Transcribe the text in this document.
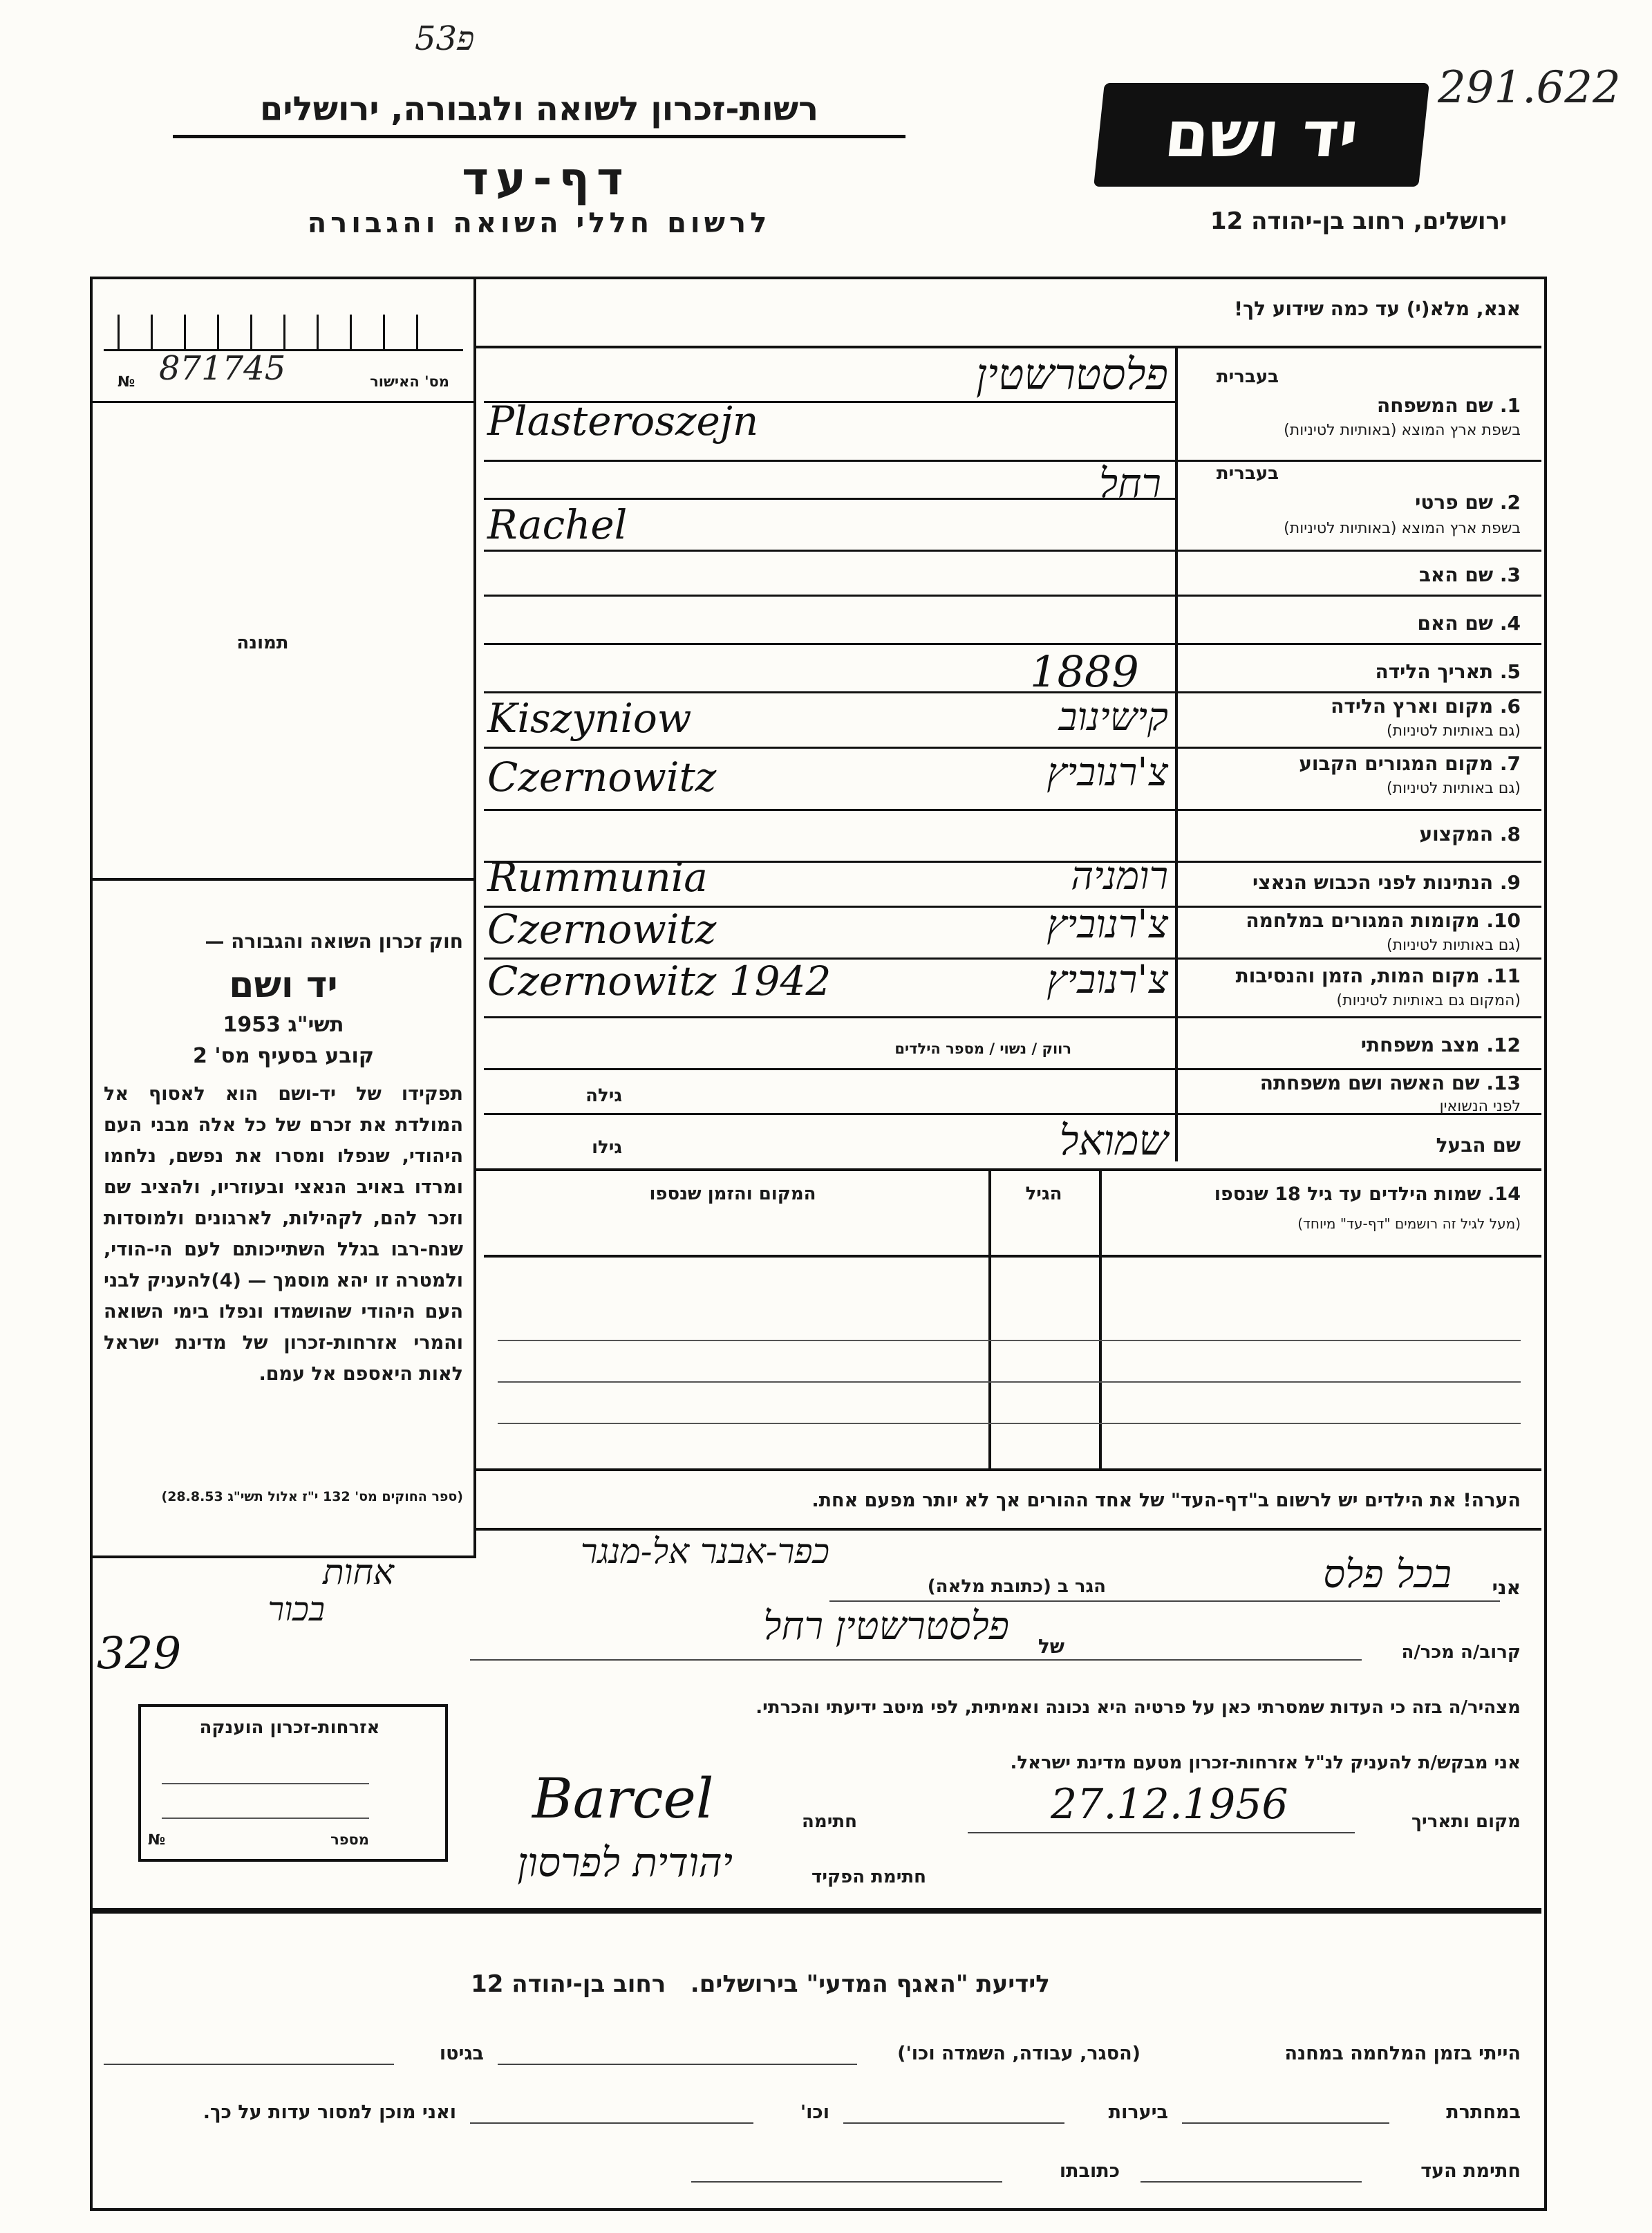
53פ
291.622
יד ושם
רשות-זכרון לשואה ולגבורה, ירושלים
דף-עד
לרשום חללי השואה והגבורה	ירושלים, רחוב בן-יהודה 12
871745	מס' האישור
№
תמונה
חוק זכרון השואה והגבורה —
יד ושם
תשי"ג 1953
קובע בסעיף מס' 2
תפקידו של יד-ושם הוא לאסוף אל המולדת את זכרם של כל אלה מבני העם היהודי, שנפלו ומסרו את נפשם, נלחמו ומרדו באויב הנאצי ובעוזריו, ולהציב שם וזכר להם, לקהילות, לארגונים ולמוסדות שנח-רבו בגלל השתייכותם לעם הי-הודי, ולמטרה זו יהא מוסמך — (4)להעניק לבני העם היהודי שהושמדו ונפלו בימי השואה והמרי אזרחות-זכרון של מדינת ישראל לאות היאספם אל עמם.
(ספר החוקים מס' 132 י"ז אלול תשי"ג 28.8.53)
אנא, מלא(י) עד כמה שידוע לך!
בעברית
1. שם המשפחה
בשפת ארץ המוצא (באותיות לטיניות)
פלסטרשטין
Plasteroszejn
בעברית
2. שם פרטי
בשפת ארץ המוצא (באותיות לטיניות)
רחל
Rachel
3. שם האב
4. שם האם
5. תאריך הלידה
1889
6. מקום וארץ הלידה
(גם באותיות לטיניות)
קישינוב
Kiszyniow
7. מקום המגורים הקבוע
(גם באותיות לטיניות)
צ'רנוביץ
Czernowitz
8. המקצוע
9. הנתינות לפני הכבוש הנאצי
רומניה
Rummunia
10. מקומות המגורים במלחמה
(גם באותיות לטיניות)
צ'רנוביץ
Czernowitz
11. מקום המות, הזמן והנסיבות
(המקום גם באותיות לטיניות)
צ'רנוביץ
Czernowitz 1942
12. מצב משפחתי
רווק / נשוי / מספר הילדים
13. שם האשה ושם משפחתה
לפני הנשואין
גילה
שם הבעל
שמואל
גילו
14. שמות הילדים עד גיל 18 שנספו
(מעל לגיל זה רושמים "דף-עד" מיוחד)
הגיל
המקום והזמן שנספו
הערה! את הילדים יש לרשום ב"דף-העד" של אחד ההורים אך לא יותר מפעם אחת.
אני
בכל פלס
הגר ב (כתובת מלאה)
כפר-אבנר אל-מנגר
קרוב/ה מכר/ה
של
פלסטרשטין רחל
אחות
בכור
329
מצהיר/ה בזה כי העדות שמסרתי כאן על פרטיה היא נכונה ואמיתית, לפי מיטב ידיעתי והכרתי.
אני מבקש/ת להעניק לנ"ל אזרחות-זכרון מטעם מדינת ישראל.
מקום ותאריך
27.12.1956
חתימה
Barcel
חתימת הפקיד
יהודית לפרסון
אזרחות-זכרון הוענקה
מספר
№
לידיעת "האגף המדעי" בירושלים.   רחוב בן-יהודה 12
הייתי בזמן המלחמה במחנה
(הסגר, עבודה, השמדה וכו')
בגיטו
במחתרת
ביערות
וכו'
ואני מוכן למסור עדות על כך.
חתימת העד
כתובתו
